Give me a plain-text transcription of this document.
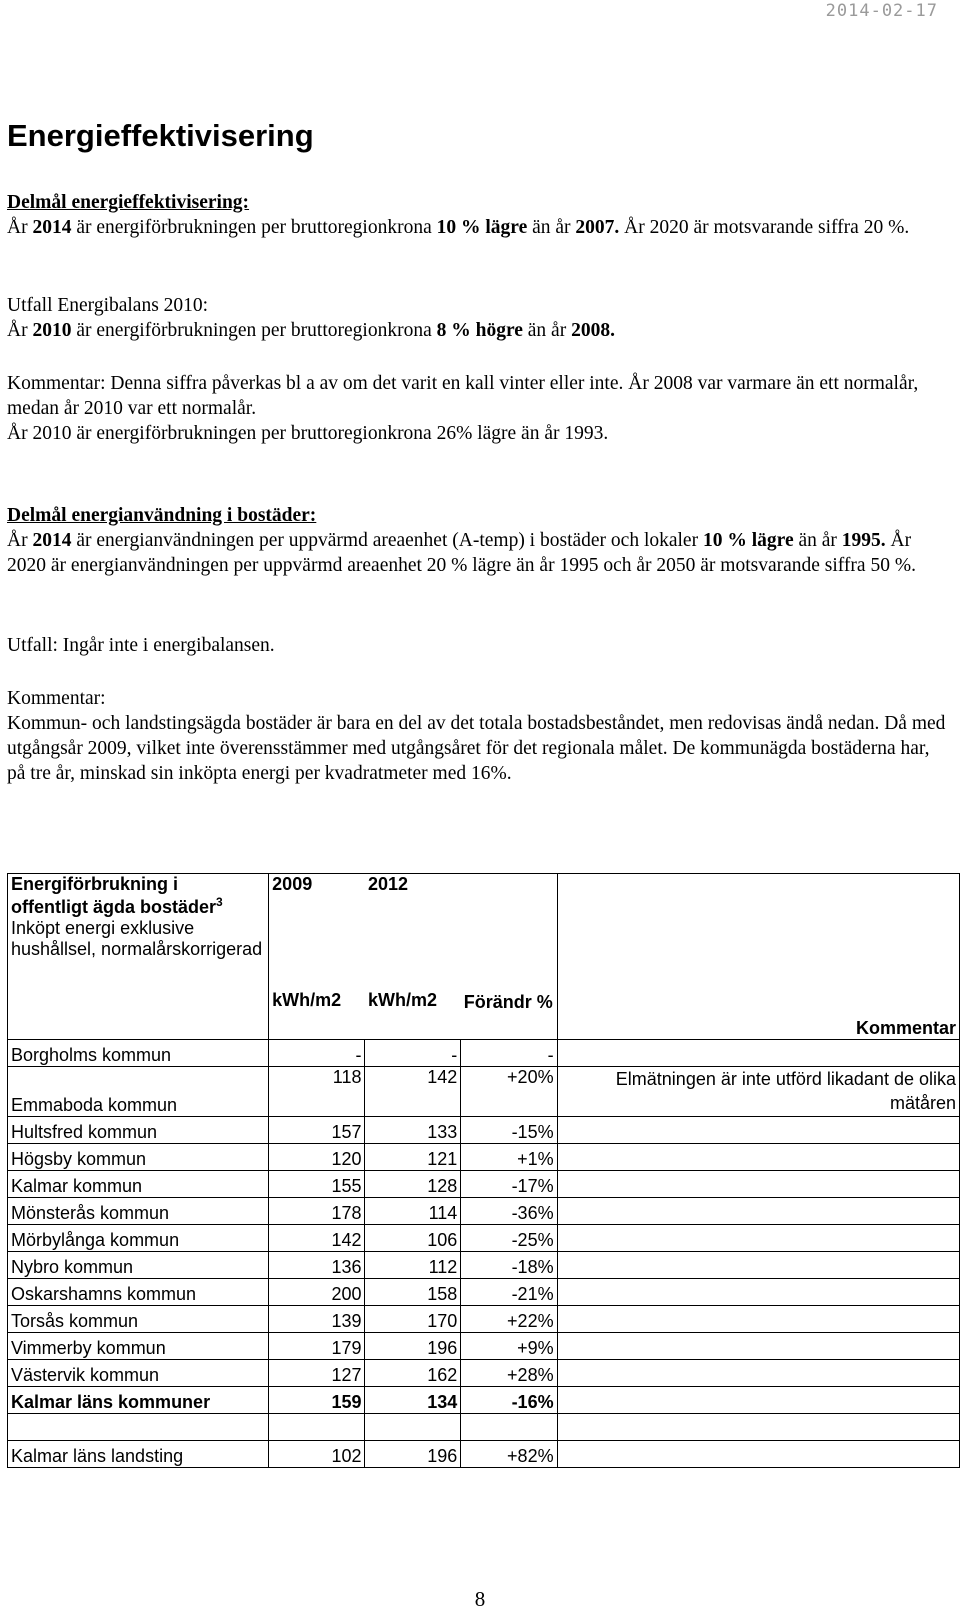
2014-02-17
Energieffektivisering
Delmål energieffektivisering:
År 2014 är energiförbrukningen per bruttoregionkrona 10 % lägre än år 2007. År 2020 är motsvarande siffra 20 %.
Utfall Energibalans 2010:
År 2010 är energiförbrukningen per bruttoregionkrona 8 % högre än år 2008.
Kommentar: Denna siffra påverkas bl a av om det varit en kall vinter eller inte. År 2008 var varmare än ett normalår, medan år 2010 var ett normalår.
År 2010 är energiförbrukningen per bruttoregionkrona 26% lägre än år 1993.
Delmål energianvändning i bostäder:
År 2014 är energianvändningen per uppvärmd areaenhet (A-temp) i bostäder och lokaler 10 % lägre än år 1995. År 2020 är energianvändningen per uppvärmd areaenhet 20 % lägre än år 1995 och år 2050 är motsvarande siffra 50 %.
Utfall: Ingår inte i energibalansen.
Kommentar:
Kommun- och landstingsägda bostäder är bara en del av det totala bostadsbeståndet, men redovisas ändå nedan. Då med utgångsår 2009, vilket inte överensstämmer med utgångsåret för det regionala målet. De kommunägda bostäderna har, på tre år, minskad sin inköpta energi per kvadratmeter med 16%.
Energiförbrukning i
offentligt ägda bostäder$^3$
Inköpt energi exklusive hushållsel, normalårskorrigerad	2009	2012		
	kWh/m2	kWh/m2	Förändr %	Kommentar
Borgholms kommun	-	-	-	
Emmaboda kommun	118	142	+20%	Elmätningen är inte utförd likadant de olika mätåren
Hultsfred kommun	157	133	-15%	
Högsby kommun	120	121	+1%	
Kalmar kommun	155	128	-17%	
Mönsterås kommun	178	114	-36%	
Mörbylånga kommun	142	106	-25%	
Nybro kommun	136	112	-18%	
Oskarshamns kommun	200	158	-21%	
Torsås kommun	139	170	+22%	
Vimmerby kommun	179	196	+9%	
Västervik kommun	127	162	+28%	
Kalmar läns kommuner	159	134	-16%	

Kalmar läns landsting	102	196	+82%	
8
